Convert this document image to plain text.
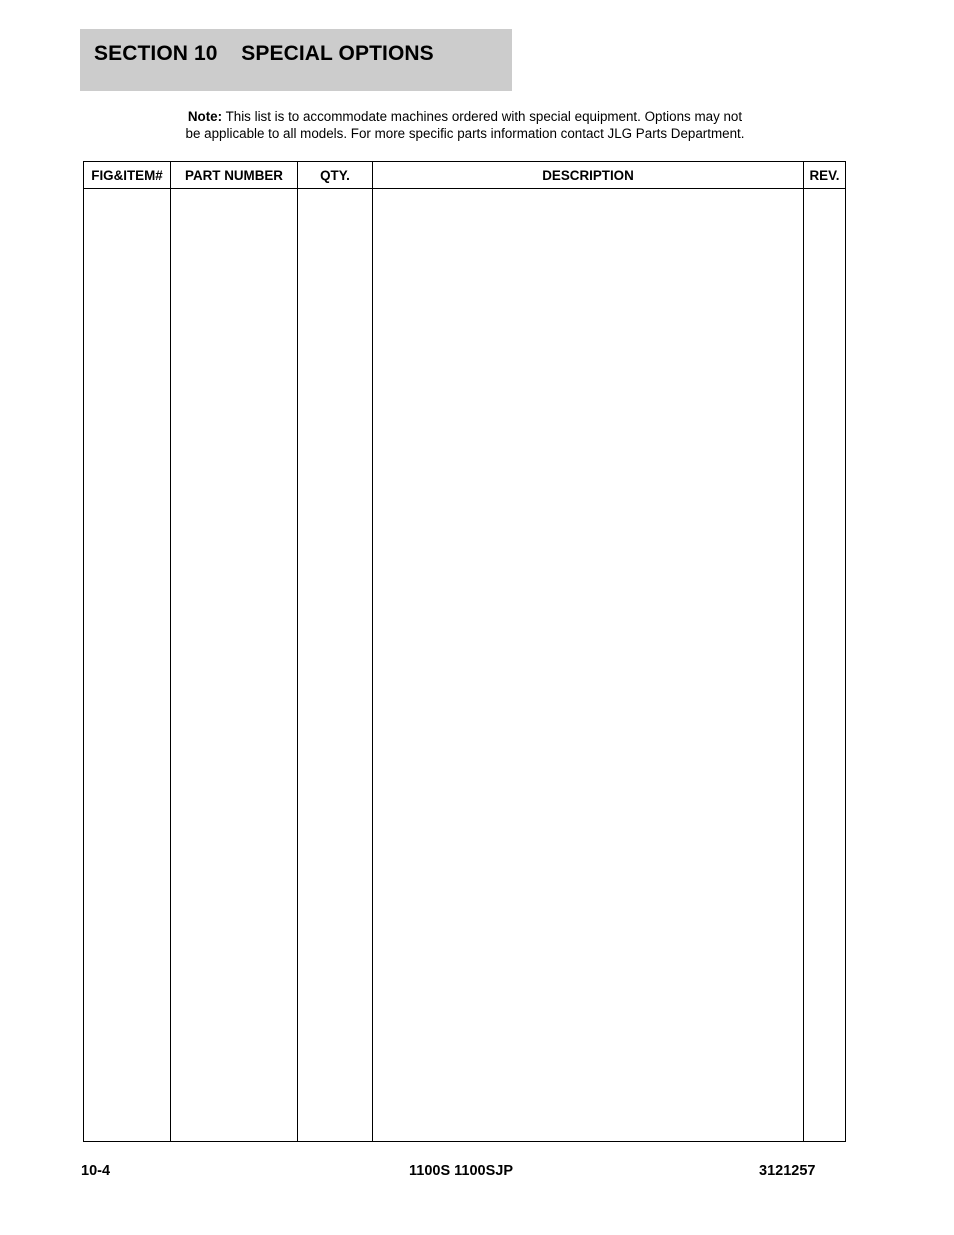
SECTION 10    SPECIAL OPTIONS
Note: This list is to accommodate machines ordered with special equipment. Options may not
be applicable to all models. For more specific parts information contact JLG Parts Department.
FIG&ITEM#	PART NUMBER	QTY.	DESCRIPTION	REV.

10-4	1100S 1100SJP	3121257
